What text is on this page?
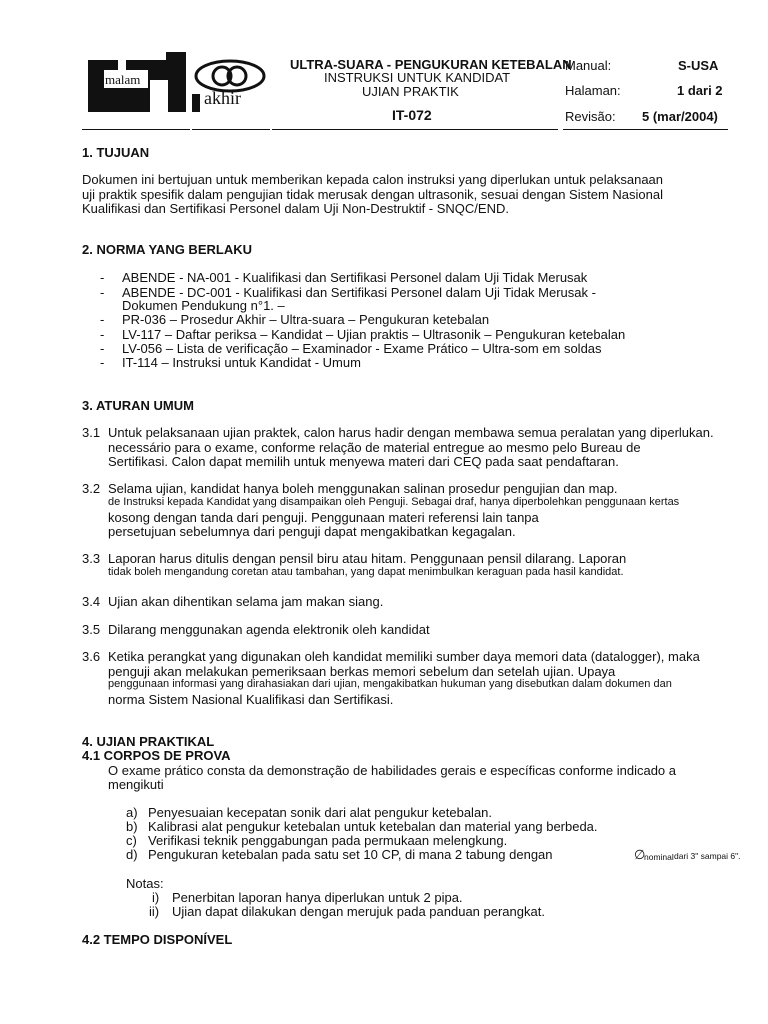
malam
akhir
ULTRA-SUARA - PENGUKURAN KETEBALAN
INSTRUKSI UNTUK KANDIDAT
UJIAN PRAKTIK
IT-072
Manual:	S-USA
Halaman:	1 dari 2
Revisão: 5 (mar/2004)
1. TUJUAN
Dokumen ini bertujuan untuk memberikan kepada calon instruksi yang diperlukan untuk pelaksanaan
uji praktik spesifik dalam pengujian tidak merusak dengan ultrasonik, sesuai dengan Sistem Nasional
Kualifikasi dan Sertifikasi Personel dalam Uji Non-Destruktif - SNQC/END.
2. NORMA YANG BERLAKU
- ABENDE - NA-001 - Kualifikasi dan Sertifikasi Personel dalam Uji Tidak Merusak
- ABENDE - DC-001 - Kualifikasi dan Sertifikasi Personel dalam Uji Tidak Merusak -
Dokumen Pendukung n°1. –
- PR-036 – Prosedur Akhir – Ultra-suara – Pengukuran ketebalan
- LV-117 – Daftar periksa – Kandidat – Ujian praktis – Ultrasonik – Pengukuran ketebalan
- LV-056 – Lista de verificação – Examinador - Exame Prático – Ultra-som em soldas
- IT-114 – Instruksi untuk Kandidat - Umum
3. ATURAN UMUM
3.1 Untuk pelaksanaan ujian praktek, calon harus hadir dengan membawa semua peralatan yang diperlukan.
necessário para o exame, conforme relação de material entregue ao mesmo pelo Bureau de
Sertifikasi. Calon dapat memilih untuk menyewa materi dari CEQ pada saat pendaftaran.
3.2 Selama ujian, kandidat hanya boleh menggunakan salinan prosedur pengujian dan map.
de Instruksi kepada Kandidat yang disampaikan oleh Penguji. Sebagai draf, hanya diperbolehkan penggunaan kertas
kosong dengan tanda dari penguji. Penggunaan materi referensi lain tanpa
persetujuan sebelumnya dari penguji dapat mengakibatkan kegagalan.
3.3 Laporan harus ditulis dengan pensil biru atau hitam. Penggunaan pensil dilarang. Laporan
tidak boleh mengandung coretan atau tambahan, yang dapat menimbulkan keraguan pada hasil kandidat.
3.4 Ujian akan dihentikan selama jam makan siang.
3.5 Dilarang menggunakan agenda elektronik oleh kandidat
3.6 Ketika perangkat yang digunakan oleh kandidat memiliki sumber daya memori data (datalogger), maka
penguji akan melakukan pemeriksaan berkas memori sebelum dan setelah ujian. Upaya
penggunaan informasi yang dirahasiakan dari ujian, mengakibatkan hukuman yang disebutkan dalam dokumen dan
norma Sistem Nasional Kualifikasi dan Sertifikasi.
4. UJIAN PRAKTIKAL
4.1 CORPOS DE PROVA
O exame prático consta da demonstração de habilidades gerais e específicas conforme indicado a
mengikuti
a) Penyesuaian kecepatan sonik dari alat pengukur ketebalan.
b) Kalibrasi alat pengukur ketebalan untuk ketebalan dan material yang berbeda.
c) Verifikasi teknik penggabungan pada permukaan melengkung.
d) Pengukuran ketebalan pada satu set 10 CP, di mana 2 tabung dengan	∅
nominal dari 3" sampai 6".
Notas:
i) Penerbitan laporan hanya diperlukan untuk 2 pipa.
ii) Ujian dapat dilakukan dengan merujuk pada panduan perangkat.
4.2 TEMPO DISPONÍVEL
